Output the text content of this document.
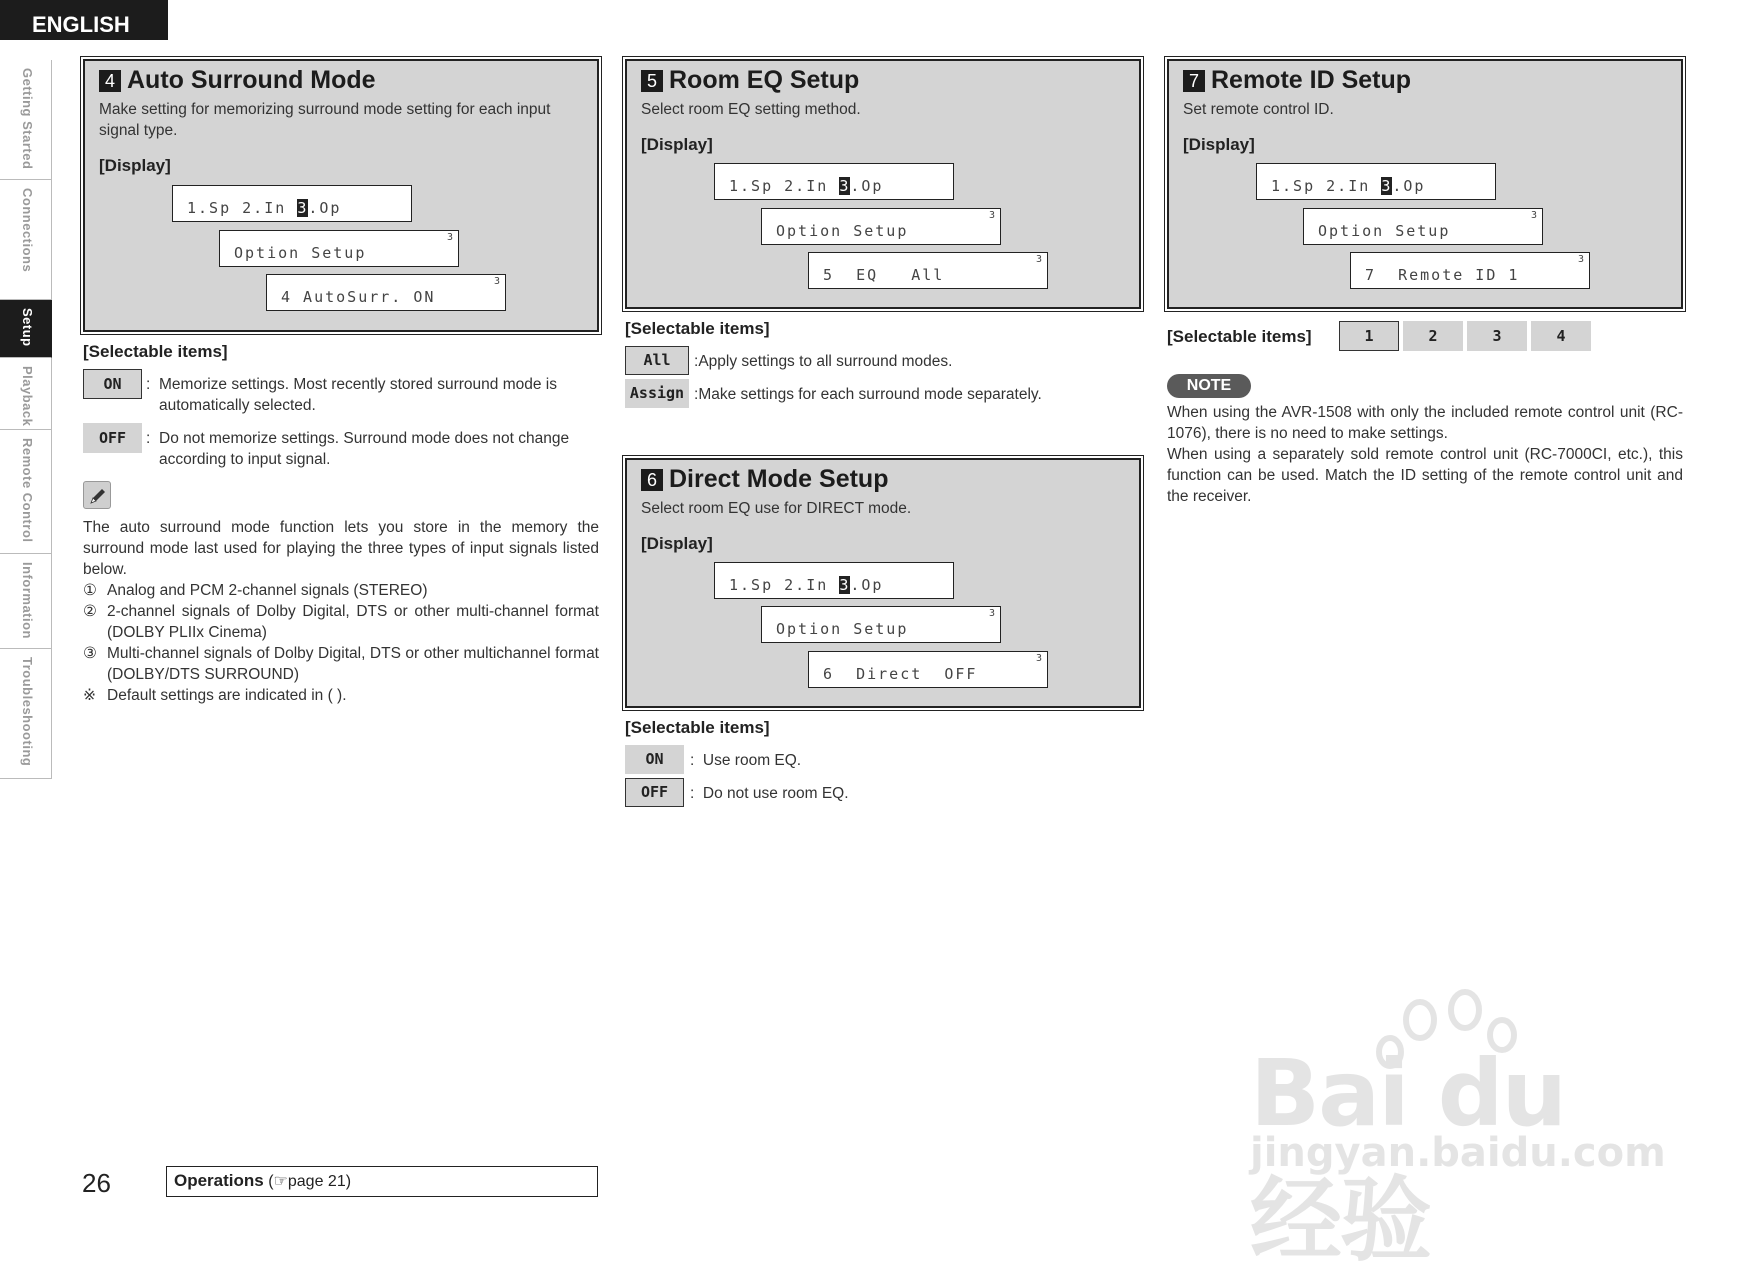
ENGLISH
Getting Started
Connections
Setup
Playback
Remote Control
Information
Troubleshooting
4 Auto Surround Mode
Make setting for memorizing surround mode setting for each input signal type.
[Display]
1.Sp 2.In 3.Op
Option Setup
3
4 AutoSurr. ON
3
[Selectable items]
ON	: Memorize settings. Most recently stored surround mode is automatically selected.
OFF	: Do not memorize settings. Surround mode does not change according to input signal.
The auto surround mode function lets you store in the memory the surround mode last used for playing the three types of input signals listed below.
① Analog and PCM 2-channel signals (STEREO)
② 2-channel signals of Dolby Digital, DTS or other multi-channel format (DOLBY PLIIx Cinema)
③ Multi-channel signals of Dolby Digital, DTS or other multichannel format (DOLBY/DTS SURROUND)
※ Default settings are indicated in ( ).
5 Room EQ Setup
Select room EQ setting method.
[Display]
1.Sp 2.In 3.Op
Option Setup
3
5  EQ   All
3
[Selectable items]
All	:Apply settings to all surround modes.
Assign :Make settings for each surround mode separately.
6 Direct Mode Setup
Select room EQ use for DIRECT mode.
[Display]
1.Sp 2.In 3.Op
Option Setup
3
6  Direct  OFF
3
[Selectable items]
ON	:  Use room EQ.
OFF	:  Do not use room EQ.
7 Remote ID Setup
Set remote control ID.
[Display]
1.Sp 2.In 3.Op
Option Setup
3
7  Remote ID 1
3
[Selectable items]	1	2	3	4
NOTE
When using the AVR-1508 with only the included remote control unit (RC-1076), there is no need to make settings.
When using a separately sold remote control unit (RC-7000CI, etc.), this function can be used. Match the ID setting of the remote control unit and the receiver.
26	Operations (☞page 21)
Bai du 经验
jingyan.baidu.com
